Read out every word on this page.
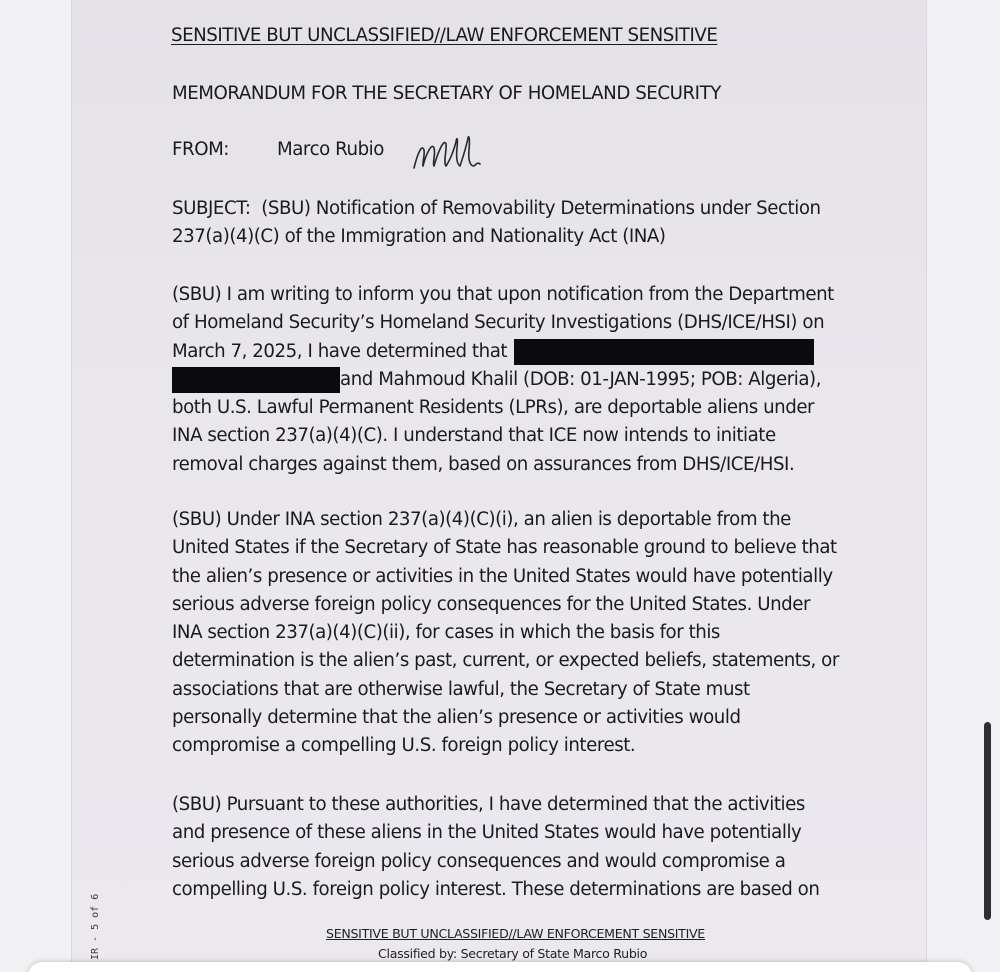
SENSITIVE BUT UNCLASSIFIED//LAW ENFORCEMENT SENSITIVE
MEMORANDUM FOR THE SECRETARY OF HOMELAND SECURITY
FROM:	Marco Rubio
SUBJECT: (SBU) Notification of Removability Determinations under Section
237(a)(4)(C) of the Immigration and Nationality Act (INA)
(SBU) I am writing to inform you that upon notification from the Department
of Homeland Security’s Homeland Security Investigations (DHS/ICE/HSI) on
March 7, 2025, I have determined that
and Mahmoud Khalil (DOB: 01-JAN-1995; POB: Algeria),
both U.S. Lawful Permanent Residents (LPRs), are deportable aliens under
INA section 237(a)(4)(C). I understand that ICE now intends to initiate
removal charges against them, based on assurances from DHS/ICE/HSI.
(SBU) Under INA section 237(a)(4)(C)(i), an alien is deportable from the
United States if the Secretary of State has reasonable ground to believe that
the alien’s presence or activities in the United States would have potentially
serious adverse foreign policy consequences for the United States. Under
INA section 237(a)(4)(C)(ii), for cases in which the basis for this
determination is the alien’s past, current, or expected beliefs, statements, or
associations that are otherwise lawful, the Secretary of State must
personally determine that the alien’s presence or activities would
compromise a compelling U.S. foreign policy interest.
(SBU) Pursuant to these authorities, I have determined that the activities
and presence of these aliens in the United States would have potentially
serious adverse foreign policy consequences and would compromise a
compelling U.S. foreign policy interest. These determinations are based on
IR - 5 of 6	SENSITIVE BUT UNCLASSIFIED//LAW ENFORCEMENT SENSITIVE
Classified by: Secretary of State Marco Rubio
